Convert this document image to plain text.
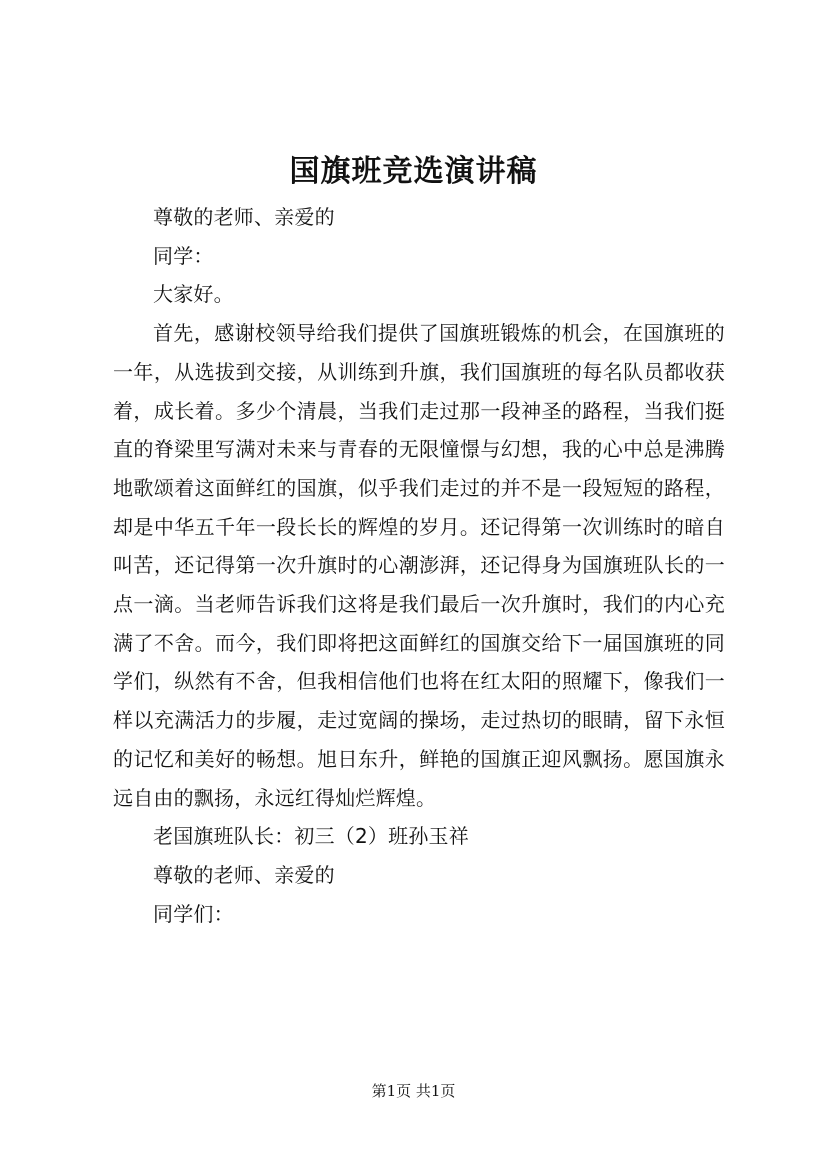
国旗班竞选演讲稿

尊敬的老师、亲爱的

同学：

大家好。

首先，感谢校领导给我们提供了国旗班锻炼的机会，在国旗班的一年，从选拔到交接，从训练到升旗，我们国旗班的每名队员都收获着，成长着。多少个清晨，当我们走过那一段神圣的路程，当我们挺直的脊梁里写满对未来与青春的无限憧憬与幻想，我的心中总是沸腾地歌颂着这面鲜红的国旗，似乎我们走过的并不是一段短短的路程，却是中华五千年一段长长的辉煌的岁月。还记得第一次训练时的暗自叫苦，还记得第一次升旗时的心潮澎湃，还记得身为国旗班队长的一点一滴。当老师告诉我们这将是我们最后一次升旗时，我们的内心充满了不舍。而今，我们即将把这面鲜红的国旗交给下一届国旗班的同学们，纵然有不舍，但我相信他们也将在红太阳的照耀下，像我们一样以充满活力的步履，走过宽阔的操场，走过热切的眼睛，留下永恒的记忆和美好的畅想。旭日东升，鲜艳的国旗正迎风飘扬。愿国旗永远自由的飘扬，永远红得灿烂辉煌。

老国旗班队长：初三（2）班孙玉祥

尊敬的老师、亲爱的

同学们：

第1页 共1页
